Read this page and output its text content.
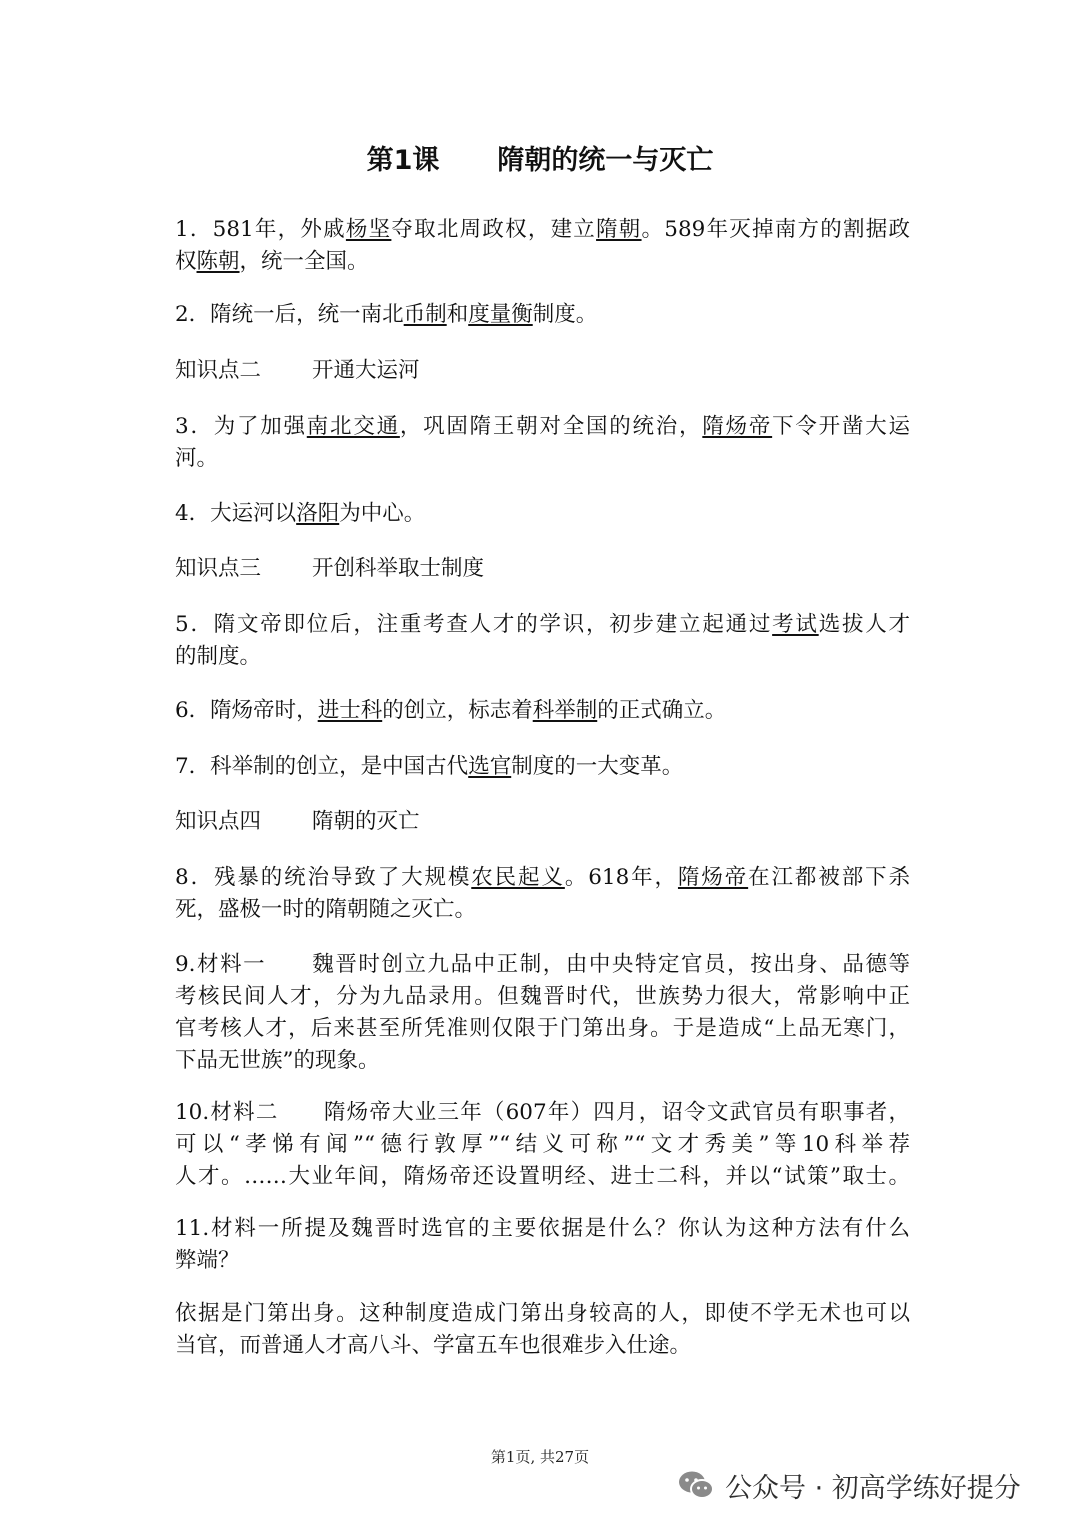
第1课 隋朝的统一与灭亡
1．581年，外戚杨坚夺取北周政权，建立隋朝。589年灭掉南方的割据政
权陈朝，统一全国。
2．隋统一后，统一南北币制和度量衡制度。
知识点二 开通大运河
3．为了加强南北交通，巩固隋王朝对全国的统治，隋炀帝下令开凿大运
河。
4．大运河以洛阳为中心。
知识点三 开创科举取士制度
5．隋文帝即位后，注重考查人才的学识，初步建立起通过考试选拔人才
的制度。
6．隋炀帝时，进士科的创立，标志着科举制的正式确立。
7．科举制的创立，是中国古代选官制度的一大变革。
知识点四 隋朝的灭亡
8．残暴的统治导致了大规模农民起义。618年，隋炀帝在江都被部下杀
死，盛极一时的隋朝随之灭亡。
9.材料一　　魏晋时创立九品中正制，由中央特定官员，按出身、品德等
考核民间人才，分为九品录用。但魏晋时代，世族势力很大，常影响中正
官考核人才，后来甚至所凭准则仅限于门第出身。于是造成“上品无寒门，
下品无世族”的现象。
10.材料二　　隋炀帝大业三年（607年）四月，诏令文武官员有职事者，
可以“孝悌有闻”“德行敦厚”“结义可称”“文才秀美”等10科举荐
人才。……大业年间，隋炀帝还设置明经、进士二科，并以“试策”取士。
11.材料一所提及魏晋时选官的主要依据是什么？你认为这种方法有什么
弊端？
依据是门第出身。这种制度造成门第出身较高的人，即使不学无术也可以
当官，而普通人才高八斗、学富五车也很难步入仕途。
第1页, 共27页
公众号 · 初高学练好提分
